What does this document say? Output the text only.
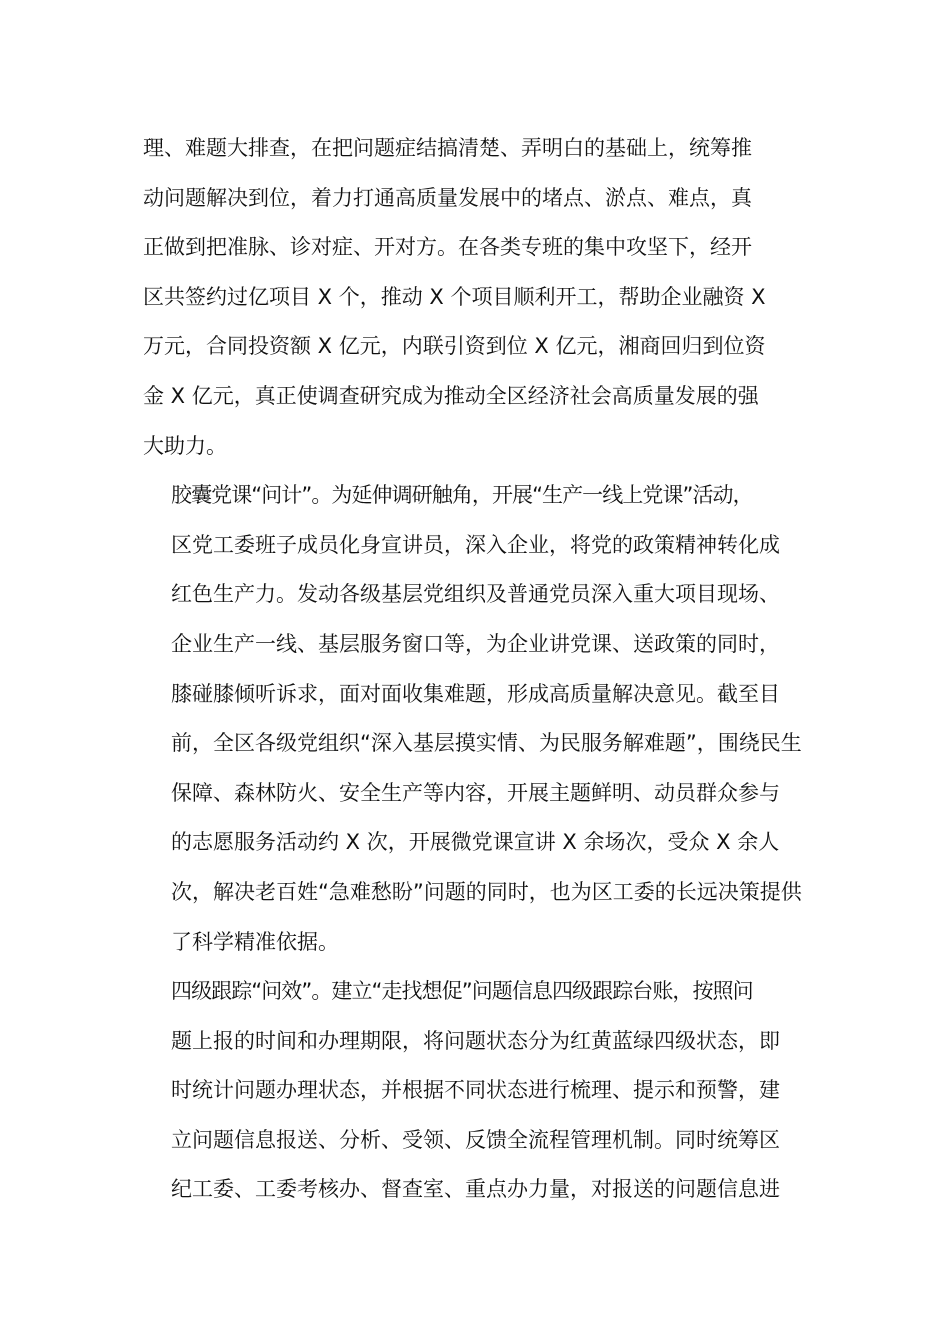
理、难题大排查，在把问题症结搞清楚、弄明白的基础上，统筹推
动问题解决到位，着力打通高质量发展中的堵点、淤点、难点，真
正做到把准脉、诊对症、开对方。在各类专班的集中攻坚下，经开
区共签约过亿项目 X 个，推动 X 个项目顺利开工，帮助企业融资 X
万元，合同投资额 X 亿元，内联引资到位 X 亿元，湘商回归到位资
金 X 亿元，真正使调查研究成为推动全区经济社会高质量发展的强
大助力。

胶囊党课“问计”。为延伸调研触角，开展“生产一线上党课”活动，
区党工委班子成员化身宣讲员，深入企业，将党的政策精神转化成
红色生产力。发动各级基层党组织及普通党员深入重大项目现场、
企业生产一线、基层服务窗口等，为企业讲党课、送政策的同时，
膝碰膝倾听诉求，面对面收集难题，形成高质量解决意见。截至目
前，全区各级党组织“深入基层摸实情、为民服务解难题”，围绕民生
保障、森林防火、安全生产等内容，开展主题鲜明、动员群众参与
的志愿服务活动约 X 次，开展微党课宣讲 X 余场次，受众 X 余人
次，解决老百姓“急难愁盼”问题的同时，也为区工委的长远决策提供
了科学精准依据。

四级跟踪“问效”。建立“走找想促”问题信息四级跟踪台账，按照问
题上报的时间和办理期限，将问题状态分为红黄蓝绿四级状态，即
时统计问题办理状态，并根据不同状态进行梳理、提示和预警，建
立问题信息报送、分析、受领、反馈全流程管理机制。同时统筹区
纪工委、工委考核办、督查室、重点办力量，对报送的问题信息进
